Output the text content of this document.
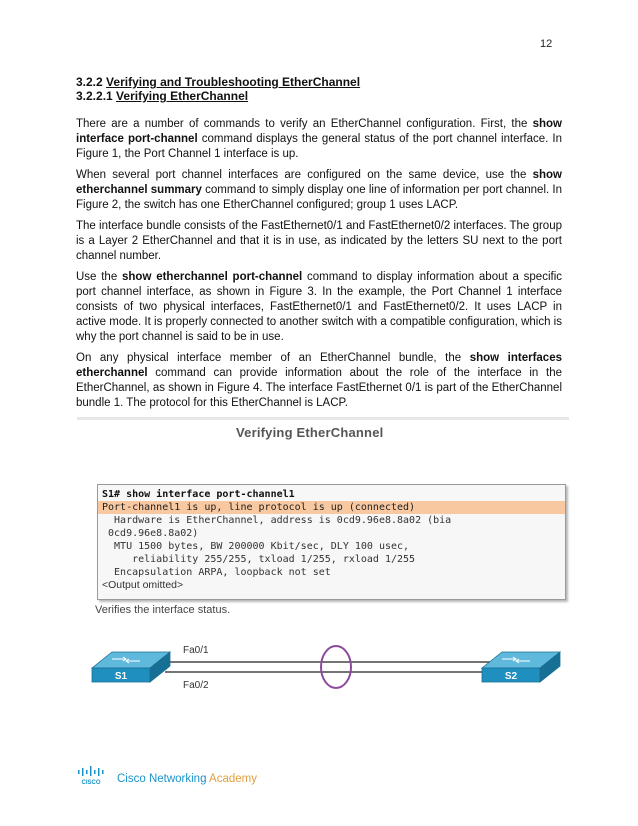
12
3.2.2 Verifying and Troubleshooting EtherChannel
3.2.2.1 Verifying EtherChannel

There are a number of commands to verify an EtherChannel configuration. First, the show interface port-channel command displays the general status of the port channel interface. In Figure 1, the Port Channel 1 interface is up.

When several port channel interfaces are configured on the same device, use the show etherchannel summary command to simply display one line of information per port channel. In Figure 2, the switch has one EtherChannel configured; group 1 uses LACP.

The interface bundle consists of the FastEthernet0/1 and FastEthernet0/2 interfaces. The group is a Layer 2 EtherChannel and that it is in use, as indicated by the letters SU next to the port channel number.

Use the show etherchannel port-channel command to display information about a specific port channel interface, as shown in Figure 3. In the example, the Port Channel 1 interface consists of two physical interfaces, FastEthernet0/1 and FastEthernet0/2. It uses LACP in active mode. It is properly connected to another switch with a compatible configuration, which is why the port channel is said to be in use.

On any physical interface member of an EtherChannel bundle, the show interfaces etherchannel command can provide information about the role of the interface in the EtherChannel, as shown in Figure 4. The interface FastEthernet 0/1 is part of the EtherChannel bundle 1. The protocol for this EtherChannel is LACP.

Verifying EtherChannel
S1# show interface port-channel1
Port-channel1 is up, line protocol is up (connected)
Hardware is EtherChannel, address is 0cd9.96e8.8a02 (bia
0cd9.96e8.8a02)
MTU 1500 bytes, BW 200000 Kbit/sec, DLY 100 usec,
reliability 255/255, txload 1/255, rxload 1/255
Encapsulation ARPA, loopback not set
<Output omitted>
Verifies the interface status.
S1	S2
Fa0/1
Fa0/2
CISCO Cisco Networking Academy
